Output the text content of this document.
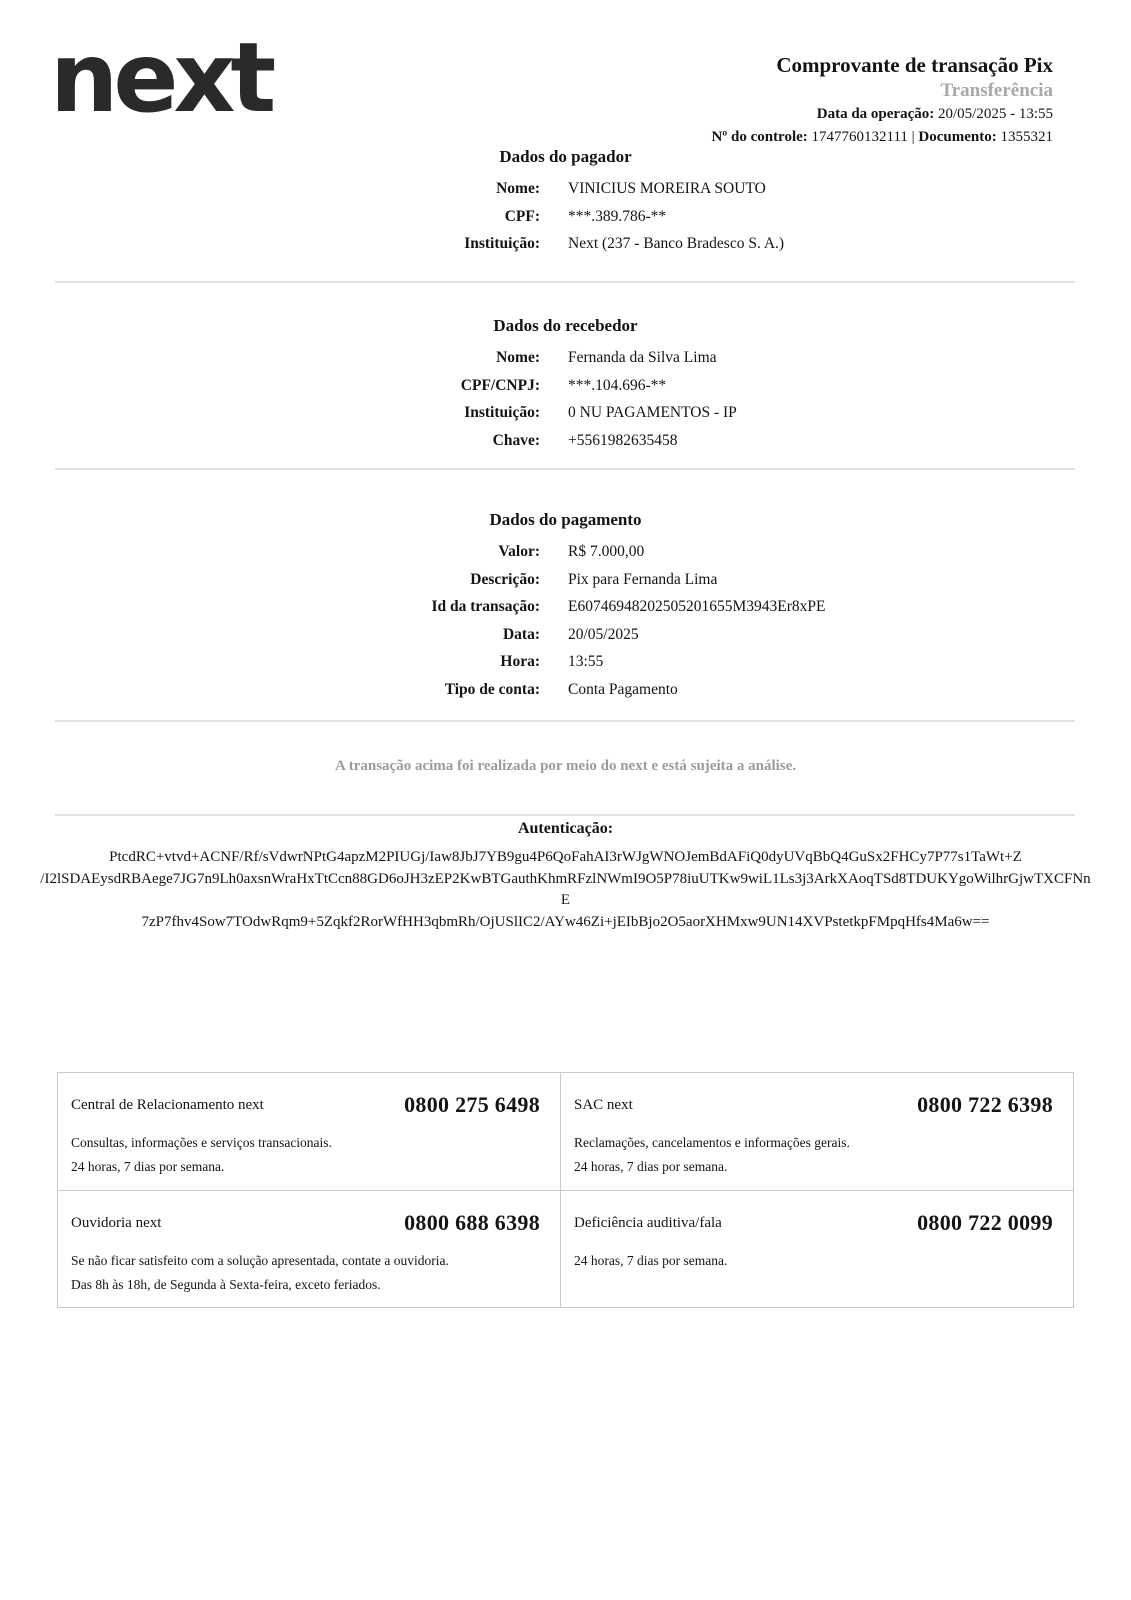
next	Comprovante de transação Pix
Transferência
Data da operação: 20/05/2025 - 13:55
Nº do controle: 1747760132111 | Documento: 1355321
Dados do pagador
Nome: VINICIUS MOREIRA SOUTO
CPF: ***.389.786-**
Instituição: Next (237 - Banco Bradesco S. A.)
Dados do recebedor
Nome: Fernanda da Silva Lima
CPF/CNPJ: ***.104.696-**
Instituição: 0 NU PAGAMENTOS - IP
Chave: +5561982635458
Dados do pagamento
Valor: R$ 7.000,00
Descrição: Pix para Fernanda Lima
Id da transação: E60746948202505201655M3943Er8xPE
Data: 20/05/2025
Hora: 13:55
Tipo de conta: Conta Pagamento
A transação acima foi realizada por meio do next e está sujeita a análise.
Autenticação:
PtcdRC+vtvd+ACNF/Rf/sVdwrNPtG4apzM2PIUGj/Iaw8JbJ7YB9gu4P6QoFahAI3rWJgWNOJemBdAFiQ0dyUVqBbQ4GuSx2FHCy7P77s1TaWt+Z
/I2lSDAEysdRBAege7JG7n9Lh0axsnWraHxTtCcn88GD6oJH3zEP2KwBTGauthKhmRFzlNWmI9O5P78iuUTKw9wiL1Ls3j3ArkXAoqTSd8TDUKYgoWilhrGjwTXCFNnE
7zP7fhv4Sow7TOdwRqm9+5Zqkf2RorWfHH3qbmRh/OjUSlIC2/AYw46Zi+jEIbBjo2O5aorXHMxw9UN14XVPstetkpFMpqHfs4Ma6w==
Central de Relacionamento next	0800 275 6498

Consultas, informações e serviços transacionais.

24 horas, 7 dias por semana.

SAC next	0800 722 6398

Reclamações, cancelamentos e informações gerais.

24 horas, 7 dias por semana.

Ouvidoria next	0800 688 6398

Se não ficar satisfeito com a solução apresentada, contate a ouvidoria.

Das 8h às 18h, de Segunda à Sexta-feira, exceto feriados.

Deficiência auditiva/fala	0800 722 0099

24 horas, 7 dias por semana.
